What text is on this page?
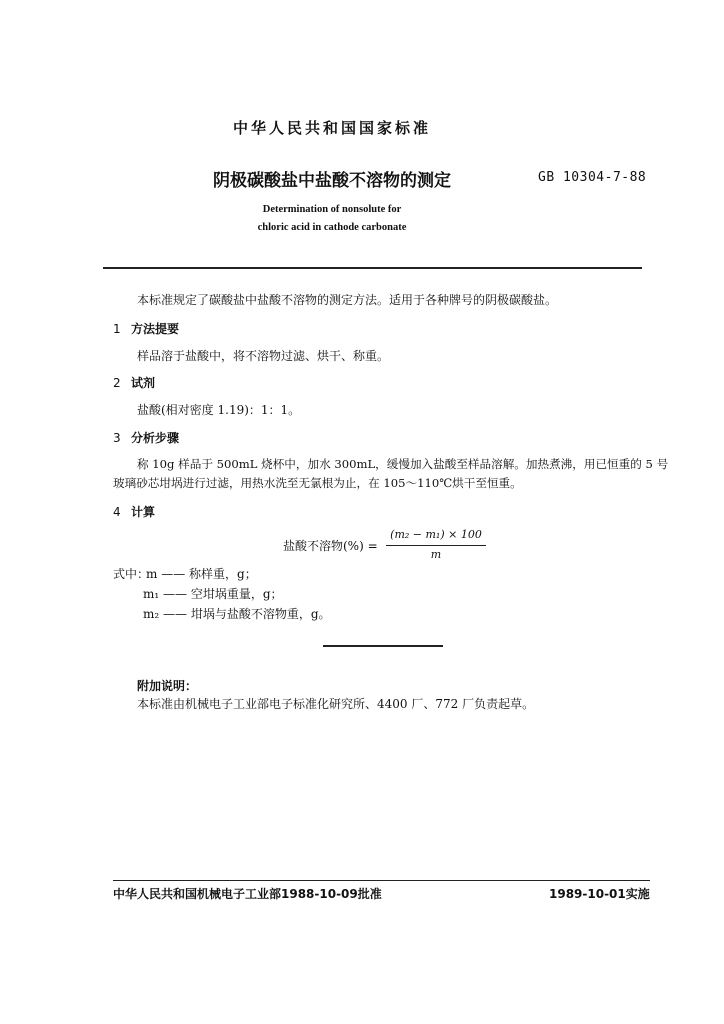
中华人民共和国国家标准
阴极碳酸盐中盐酸不溶物的测定	GB 10304-7-88
Determination of nonsolute for
chloric acid in cathode carbonate
本标准规定了碳酸盐中盐酸不溶物的测定方法。适用于各种牌号的阴极碳酸盐。
1 方法提要
样品溶于盐酸中，将不溶物过滤、烘干、称重。
2 试剂
盐酸(相对密度 1.19)：1：1。
3 分析步骤
称 10g 样品于 500mL 烧杯中，加水 300mL，缓慢加入盐酸至样品溶解。加热煮沸，用已恒重的 5 号
玻璃砂芯坩埚进行过滤，用热水洗至无氯根为止，在 105～110℃烘干至恒重。
4 计算
盐酸不溶物(%) =
(m₂ − m₁) × 100
m
式中：
m —— 称样重，g；
m₁ —— 空坩埚重量，g；
m₂ —— 坩埚与盐酸不溶物重，g。
附加说明：
本标准由机械电子工业部电子标准化研究所、4400 厂、772 厂负责起草。
中华人民共和国机械电子工业部1988-10-09批准	1989-10-01实施
